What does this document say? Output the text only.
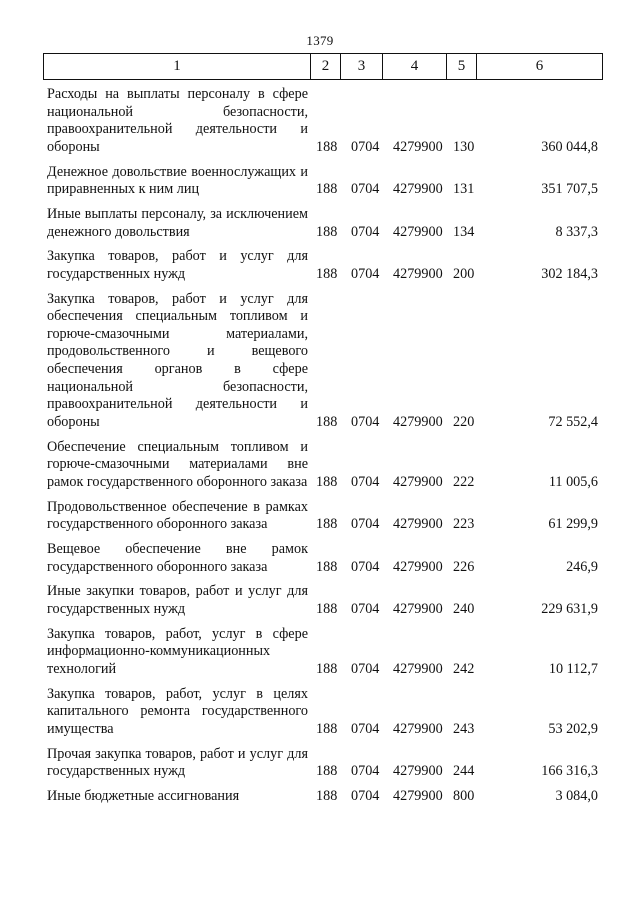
1379
1	2	3	4	5	6
Расходы на выплаты персоналу в сфере национальной безопасности, правоохранительной деятельности и обороны	188 0704 4279900 130	360 044,8
Денежное довольствие военнослужащих и приравненных к ним лиц	188 0704 4279900 131	351 707,5
Иные выплаты персоналу, за исключением денежного довольствия	188 0704 4279900 134	8 337,3
Закупка товаров, работ и услуг для государственных нужд	188 0704 4279900 200	302 184,3
Закупка товаров, работ и услуг для обеспечения специальным топливом и горюче-смазочными материалами, продовольственного и вещевого обеспечения органов в сфере национальной безопасности, правоохранительной деятельности и обороны	188 0704 4279900 220	72 552,4
Обеспечение специальным топливом и горюче-смазочными материалами вне рамок государственного оборонного заказа 188 0704 4279900 222	11 005,6
Продовольственное обеспечение в рамках государственного оборонного заказа	188 0704 4279900 223	61 299,9
Вещевое обеспечение вне рамок государственного оборонного заказа	188 0704 4279900 226	246,9
Иные закупки товаров, работ и услуг для государственных нужд	188 0704 4279900 240	229 631,9
Закупка товаров, работ, услуг в сфере информационно-коммуникационных технологий	188 0704 4279900 242	10 112,7
Закупка товаров, работ, услуг в целях капитального ремонта государственного имущества	188 0704 4279900 243	53 202,9
Прочая закупка товаров, работ и услуг для государственных нужд	188 0704 4279900 244	166 316,3
Иные бюджетные ассигнования	188 0704 4279900 800	3 084,0
